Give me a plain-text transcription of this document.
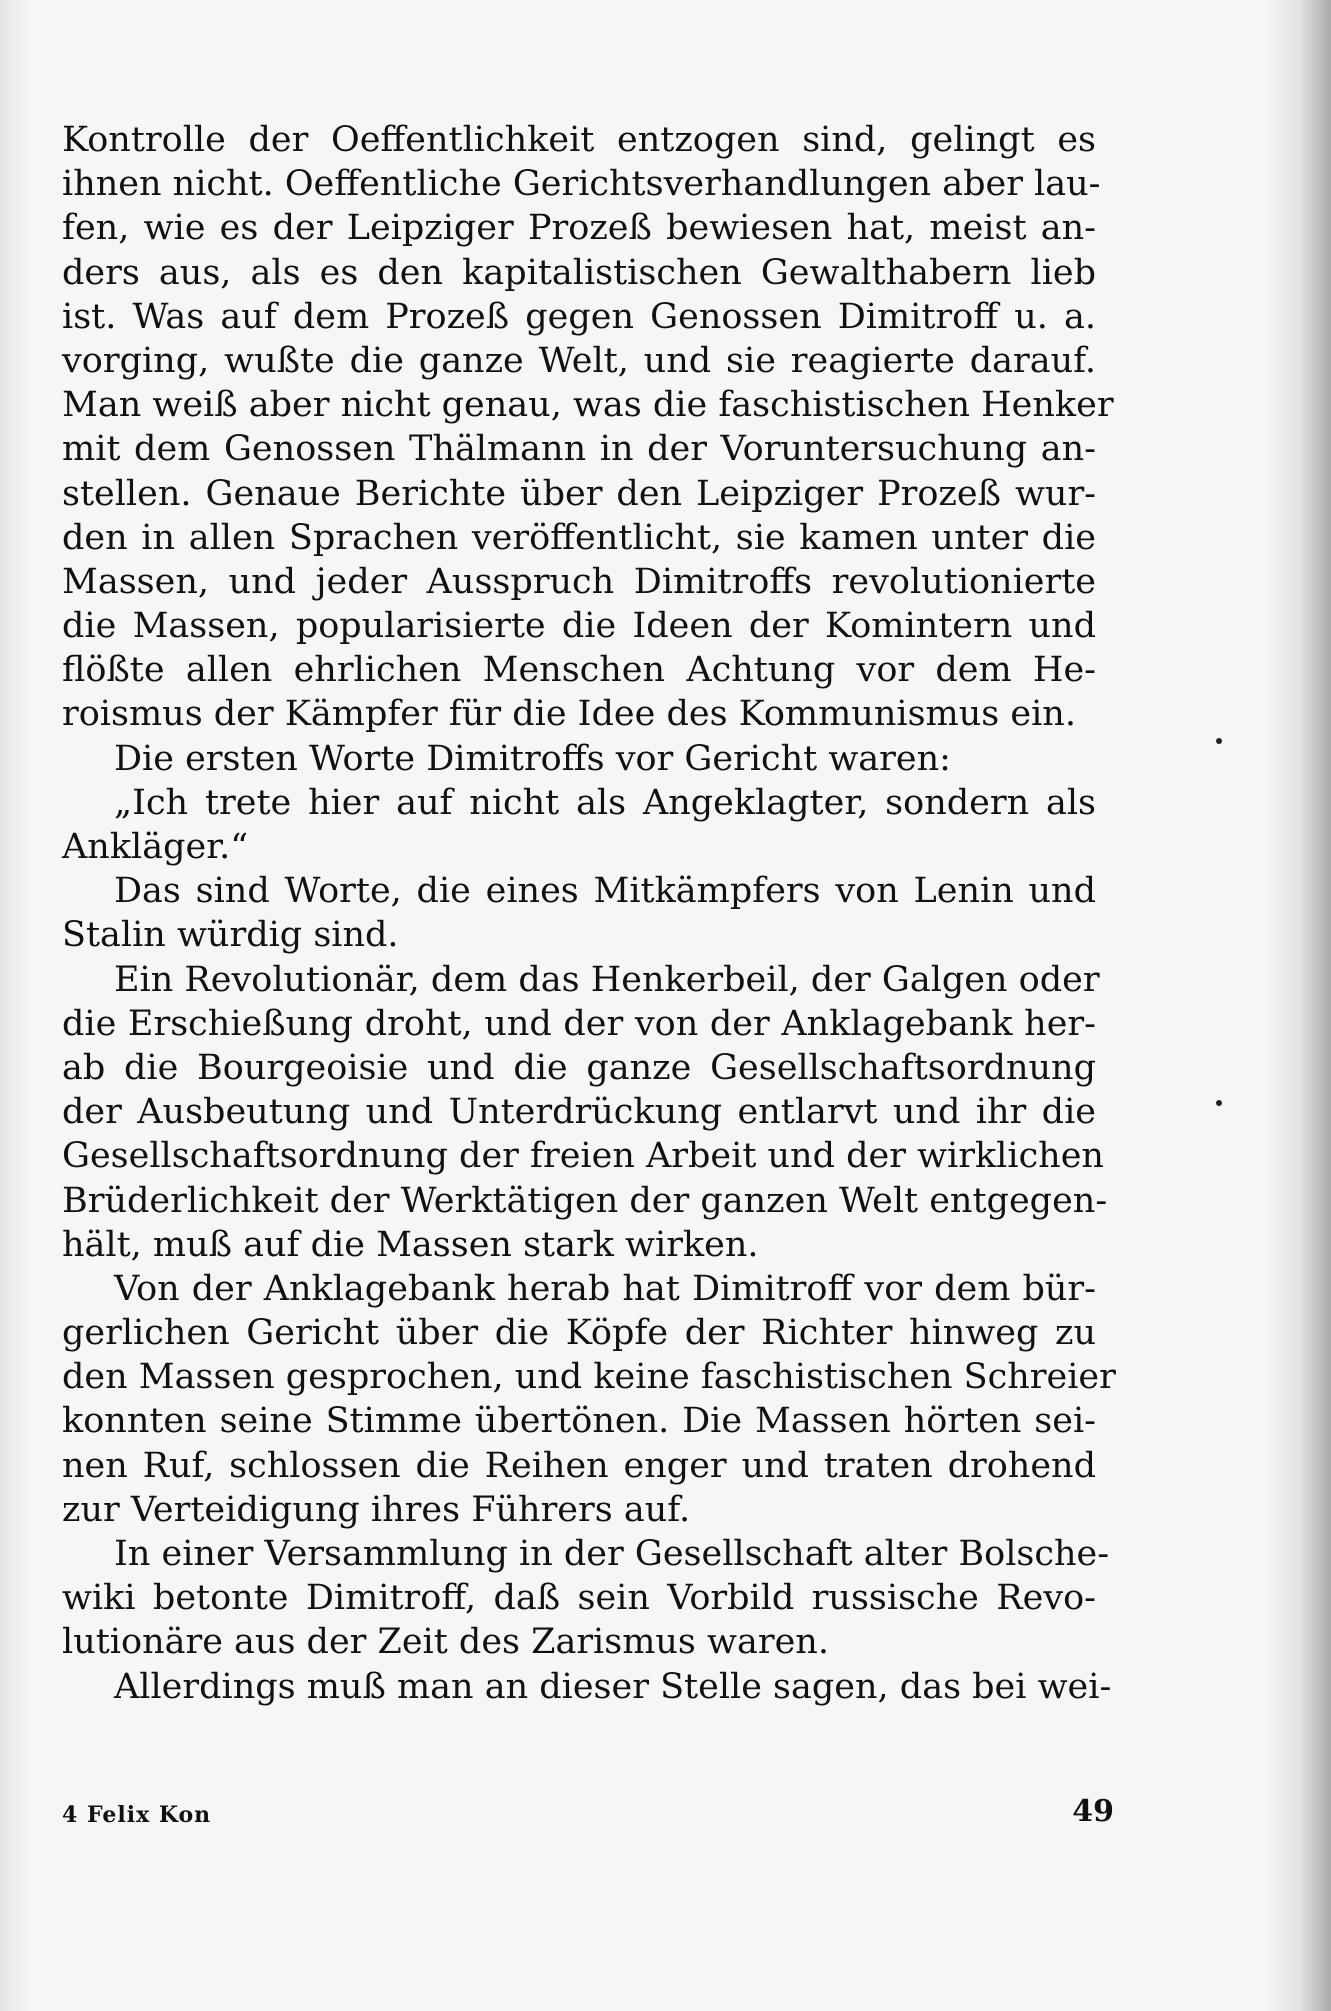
Kontrolle der Oeffentlichkeit entzogen sind, gelingt es
ihnen nicht. Oeffentliche Gerichtsverhandlungen aber lau-
fen, wie es der Leipziger Prozeß bewiesen hat, meist an-
ders aus, als es den kapitalistischen Gewalthabern lieb
ist. Was auf dem Prozeß gegen Genossen Dimitroff u. a.
vorging, wußte die ganze Welt, und sie reagierte darauf.
Man weiß aber nicht genau, was die faschistischen Henker
mit dem Genossen Thälmann in der Voruntersuchung an-
stellen. Genaue Berichte über den Leipziger Prozeß wur-
den in allen Sprachen veröffentlicht, sie kamen unter die
Massen, und jeder Ausspruch Dimitroffs revolutionierte
die Massen, popularisierte die Ideen der Komintern und
flößte allen ehrlichen Menschen Achtung vor dem He-
roismus der Kämpfer für die Idee des Kommunismus ein.
Die ersten Worte Dimitroffs vor Gericht waren:
„Ich trete hier auf nicht als Angeklagter, sondern als
Ankläger.“
Das sind Worte, die eines Mitkämpfers von Lenin und
Stalin würdig sind.
Ein Revolutionär, dem das Henkerbeil, der Galgen oder
die Erschießung droht, und der von der Anklagebank her-
ab die Bourgeoisie und die ganze Gesellschaftsordnung
der Ausbeutung und Unterdrückung entlarvt und ihr die
Gesellschaftsordnung der freien Arbeit und der wirklichen
Brüderlichkeit der Werktätigen der ganzen Welt entgegen-
hält, muß auf die Massen stark wirken.
Von der Anklagebank herab hat Dimitroff vor dem bür-
gerlichen Gericht über die Köpfe der Richter hinweg zu
den Massen gesprochen, und keine faschistischen Schreier
konnten seine Stimme übertönen. Die Massen hörten sei-
nen Ruf, schlossen die Reihen enger und traten drohend
zur Verteidigung ihres Führers auf.
In einer Versammlung in der Gesellschaft alter Bolsche-
wiki betonte Dimitroff, daß sein Vorbild russische Revo-
lutionäre aus der Zeit des Zarismus waren.
Allerdings muß man an dieser Stelle sagen, das bei wei-
4 Felix Kon	49
